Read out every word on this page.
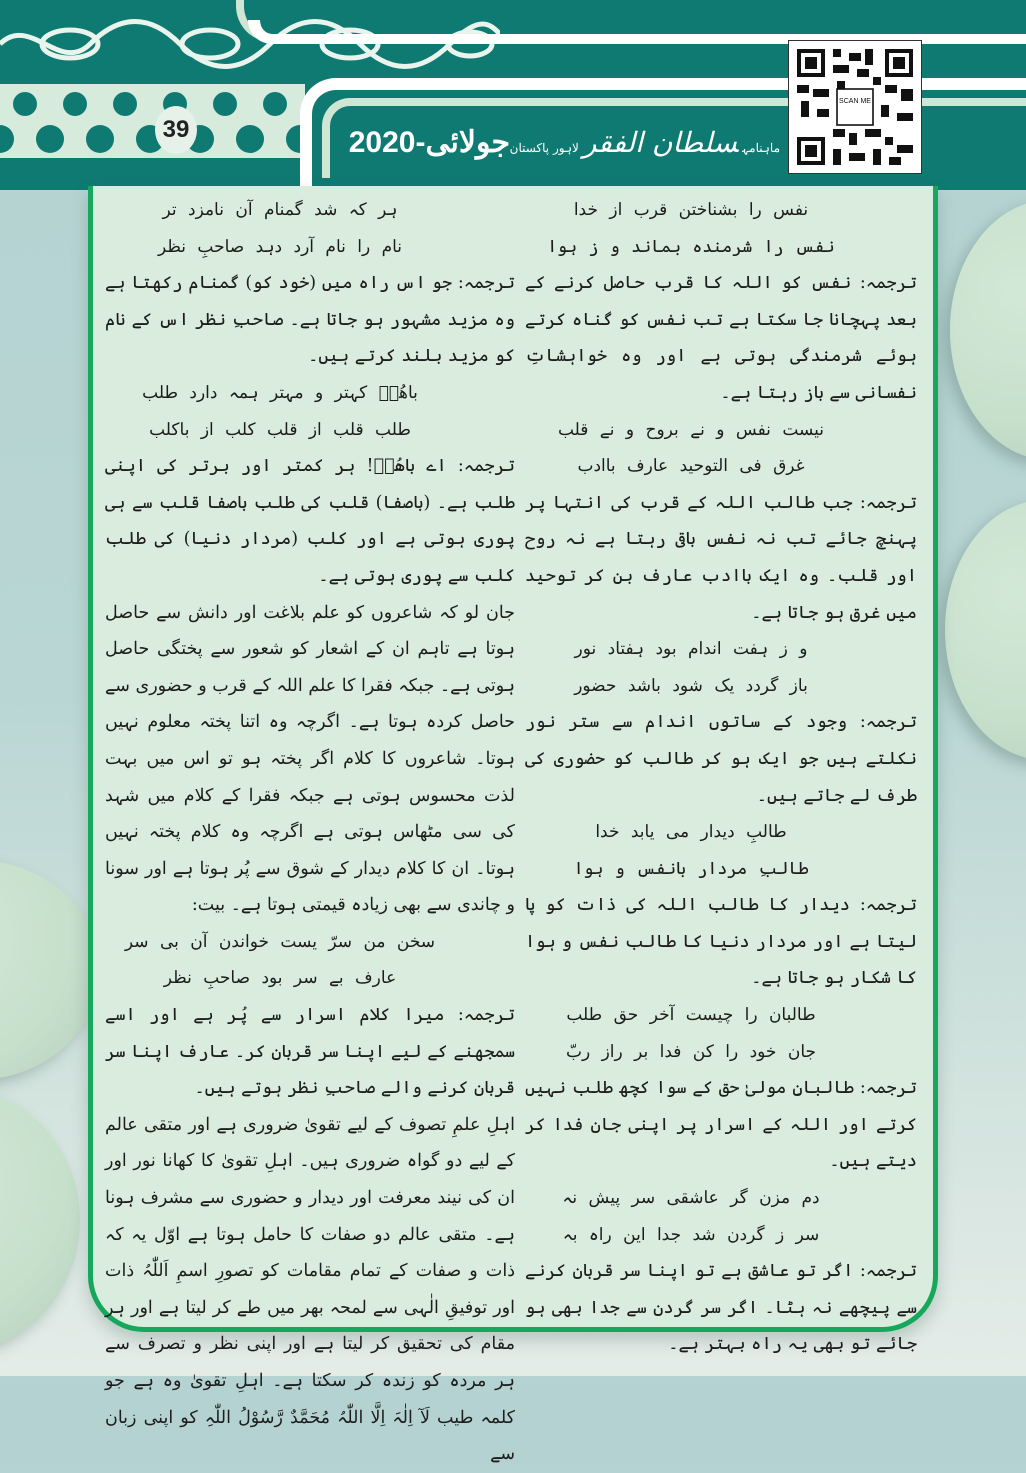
39	جولائی-2020	ماہنامہسلطان الفقرلاہور پاکستان
SCAN ME
نفس را بشناختن قرب از خدا
نفس را شرمندہ بماند و ز ہوا
ترجمہ: نفس کو اللہ کا قرب حاصل کرنے کے بعد پہچانا جا سکتا ہے تب نفس کو گناہ کرتے ہوئے شرمندگی ہوتی ہے اور وہ خواہشاتِ نفسانی سے باز رہتا ہے۔
نیست نفس و نے بروح و نے قلب
غرق فی التوحید عارف باادب
ترجمہ: جب طالب اللہ کے قرب کی انتہا پر پہنچ جائے تب نہ نفس باقی رہتا ہے نہ روح اور قلب۔ وہ ایک باادب عارف بن کر توحید میں غرق ہو جاتا ہے۔
و ز ہفت اندام بود ہفتاد نور
باز گردد یک شود باشد حضور
ترجمہ: وجود کے ساتوں اندام سے ستر نور نکلتے ہیں جو ایک ہو کر طالب کو حضوری کی طرف لے جاتے ہیں۔
طالبِ دیدار می یابد خدا
طالبِ مردار بانفس و ہوا
ترجمہ: دیدار کا طالب اللہ کی ذات کو پا لیتا ہے اور مردار دنیا کا طالب نفس و ہوا کا شکار ہو جاتا ہے۔
طالبان را چیست آخر حق طلب
جان خود را کن فدا بر راز ربّ
ترجمہ: طالبانِ مولیٰ حق کے سوا کچھ طلب نہیں کرتے اور اللہ کے اسرار پر اپنی جان فدا کر دیتے ہیں۔
دم مزن گر عاشقی سر پیش نہ
سر ز گردن شد جدا این راہ بہ
ترجمہ: اگر تو عاشق ہے تو اپنا سر قربان کرنے سے پیچھے نہ ہٹا۔ اگر سر گردن سے جدا بھی ہو جائے تو بھی یہ راہ بہتر ہے۔
ہر کہ شد گمنام آن نامزد تر
نام را نام آرد دہد صاحبِ نظر
ترجمہ: جو اس راہ میں (خود کو) گمنام رکھتا ہے وہ مزید مشہور ہو جاتا ہے۔ صاحبِ نظر اس کے نام کو مزید بلند کرتے ہیں۔
باھُوؒ کہتر و مہتر ہمہ دارد طلب
طلب قلب از قلب کلب از باکلب
ترجمہ: اے باھُوؒ! ہر کمتر اور برتر کی اپنی طلب ہے۔ (باصفا) قلب کی طلب باصفا قلب سے ہی پوری ہوتی ہے اور کلب (مردار دنیا) کی طلب کلب سے پوری ہوتی ہے۔
جان لو کہ شاعروں کو علم بلاغت اور دانش سے حاصل ہوتا ہے تاہم ان کے اشعار کو شعور سے پختگی حاصل ہوتی ہے۔ جبکہ فقرا کا علم اللہ کے قرب و حضوری سے حاصل کردہ ہوتا ہے۔ اگرچہ وہ اتنا پختہ معلوم نہیں ہوتا۔ شاعروں کا کلام اگر پختہ ہو تو اس میں بہت لذت محسوس ہوتی ہے جبکہ فقرا کے کلام میں شہد کی سی مٹھاس ہوتی ہے اگرچہ وہ کلام پختہ نہیں ہوتا۔ ان کا کلام دیدار کے شوق سے پُر ہوتا ہے اور سونا و چاندی سے بھی زیادہ قیمتی ہوتا ہے۔ بیت:
سخن من سرّ یست خواندن آن بی سر
عارف بے سر بود صاحبِ نظر
ترجمہ: میرا کلام اسرار سے پُر ہے اور اسے سمجھنے کے لیے اپنا سر قربان کر۔ عارف اپنا سر قربان کرنے والے صاحبِ نظر ہوتے ہیں۔
اہلِ علمِ تصوف کے لیے تقویٰ ضروری ہے اور متقی عالم کے لیے دو گواہ ضروری ہیں۔ اہلِ تقویٰ کا کھانا نور اور ان کی نیند معرفت اور دیدار و حضوری سے مشرف ہونا ہے۔ متقی عالم دو صفات کا حامل ہوتا ہے اوّل یہ کہ ذات و صفات کے تمام مقامات کو تصورِ اسمِ اَللّٰہُ ذات اور توفیقِ الٰہی سے لمحہ بھر میں طے کر لیتا ہے اور ہر مقام کی تحقیق کر لیتا ہے اور اپنی نظر و تصرف سے ہر مردہ کو زندہ کر سکتا ہے۔ اہلِ تقویٰ وہ ہے جو کلمہ طیب لَآ اِلٰہَ اِلَّا اللّٰہُ مُحَمَّدٌ رَّسُوْلُ اللّٰہِ کو اپنی زبان سے
